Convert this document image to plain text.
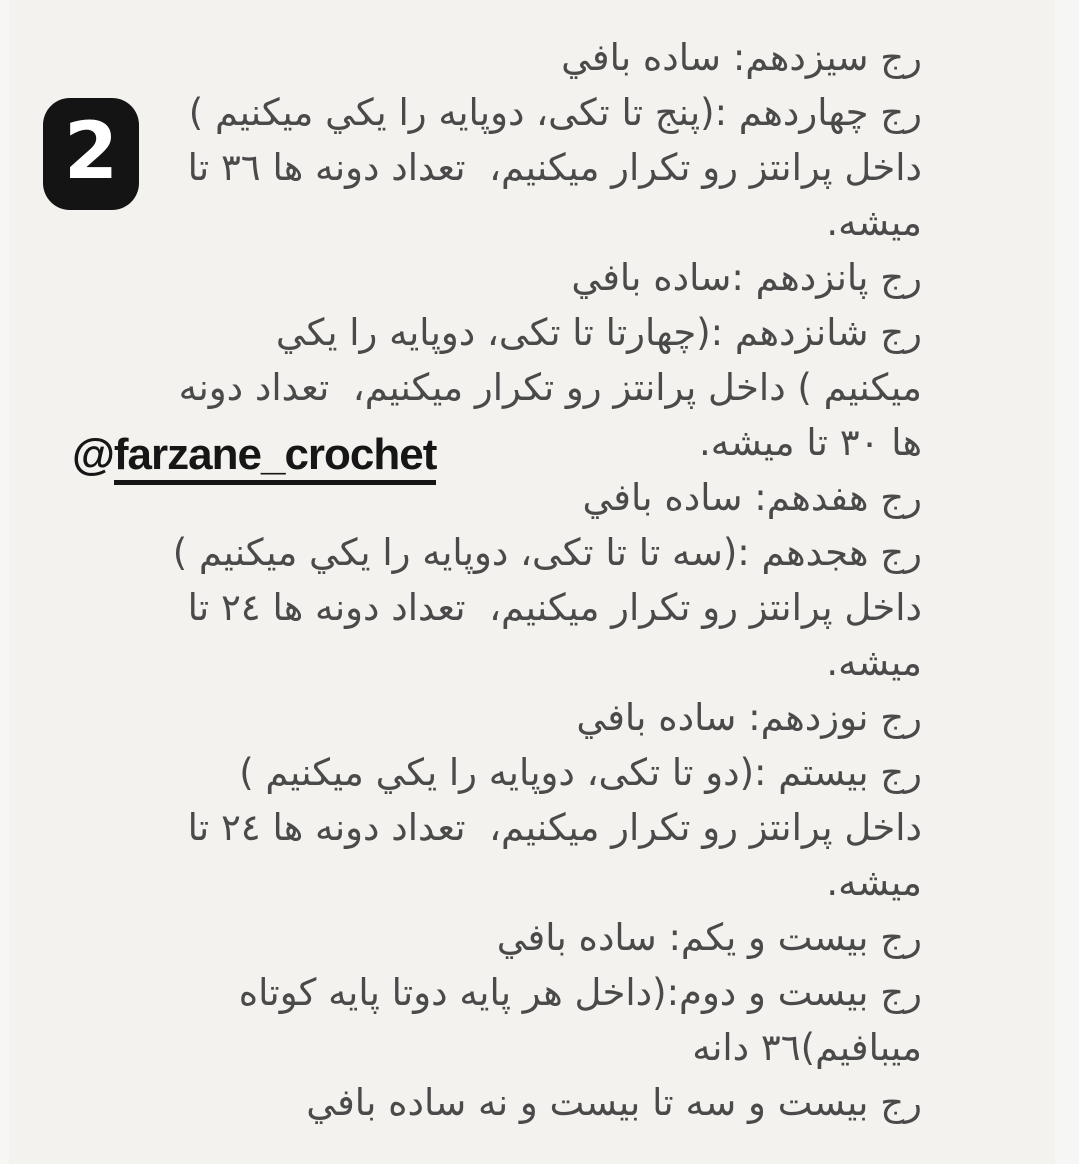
2
رج سیزدهم: ساده بافي
رج چهاردهم :(پنج تا تکی، دوپایه را یکي میکنیم )
داخل پرانتز رو تکرار میکنیم،  تعداد دونه ها ٣٦ تا
میشه.
رج پانزدهم :ساده بافي
رج شانزدهم :(چهارتا تا تکی، دوپایه را یکي
میکنیم ) داخل پرانتز رو تکرار میکنیم،  تعداد دونه
ها ٣٠ تا میشه.
رج هفدهم: ساده بافي
رج هجدهم :(سه تا تا تکی، دوپایه را یکي میکنیم )
داخل پرانتز رو تکرار میکنیم،  تعداد دونه ها ٢٤ تا
میشه.
رج نوزدهم: ساده بافي
رج بیستم :(دو تا تکی، دوپایه را یکي میکنیم )
داخل پرانتز رو تکرار میکنیم،  تعداد دونه ها ٢٤ تا
میشه.
رج بیست و یکم: ساده بافي
رج بیست و دوم:(داخل هر پایه دوتا پایه کوتاه
میبافیم)٣٦ دانه
رج بیست و سه تا بیست و نه ساده بافي
@farzane_crochet
